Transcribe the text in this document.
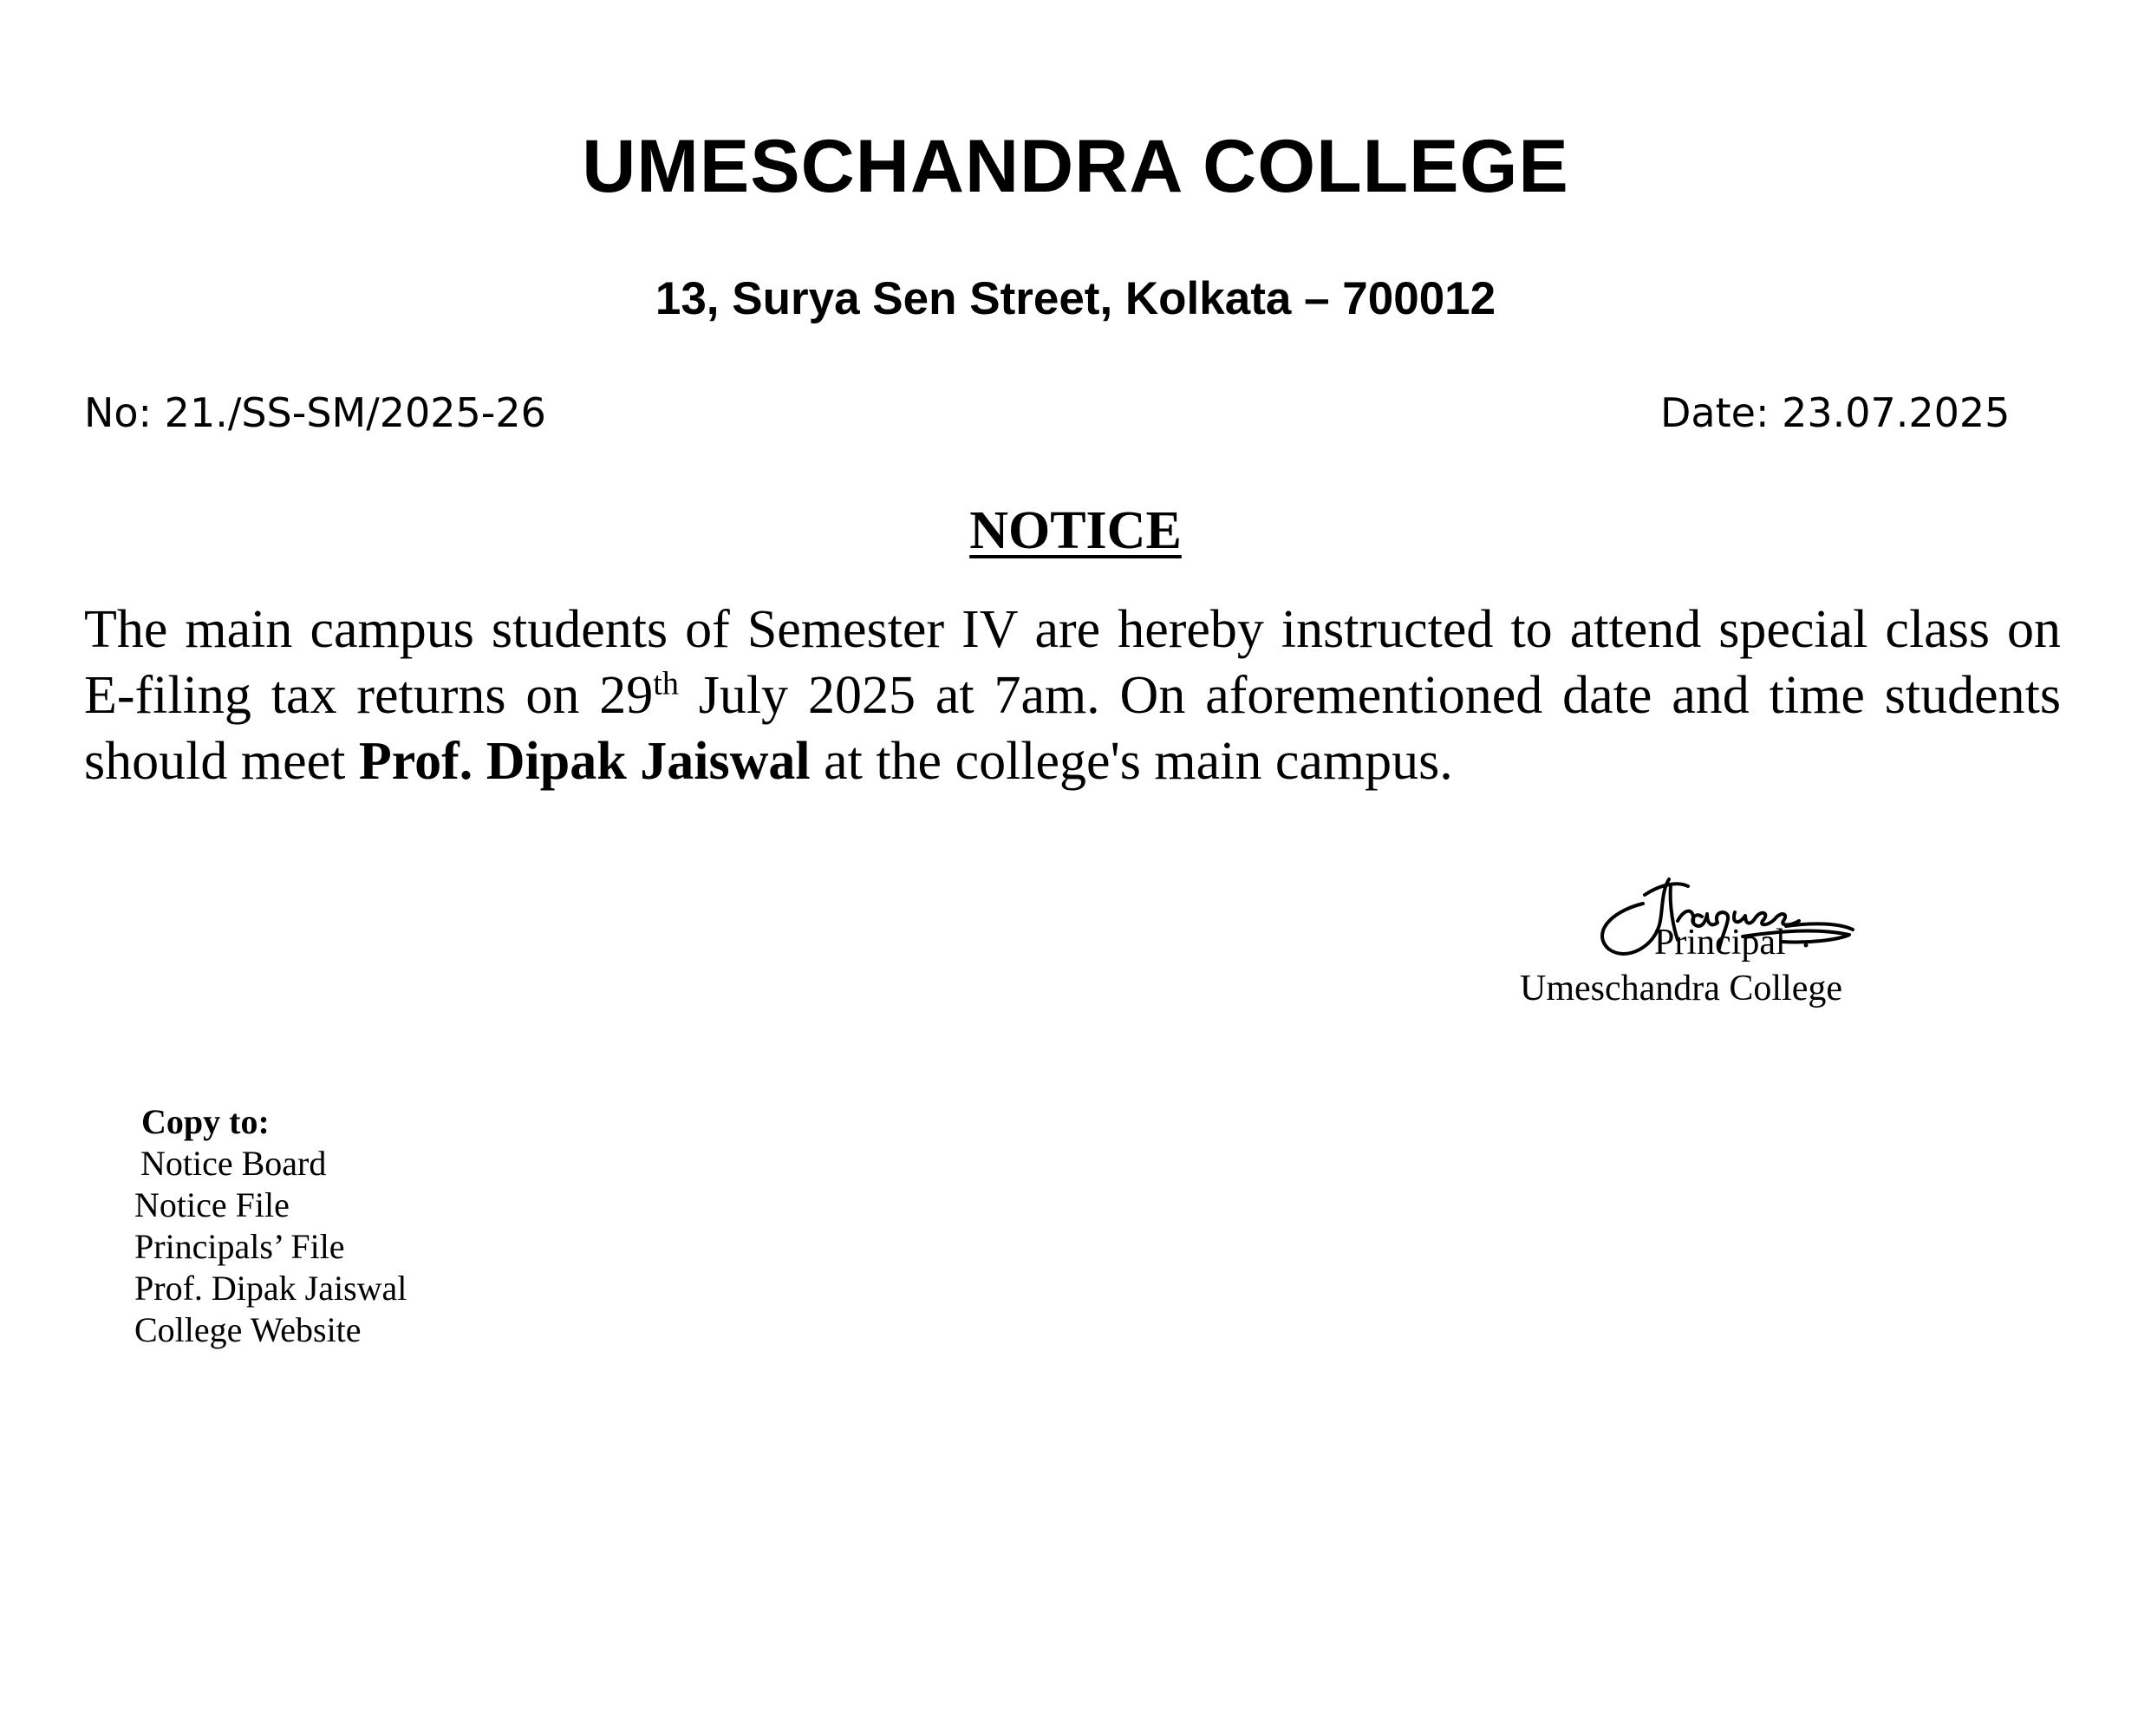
UMESCHANDRA COLLEGE
13, Surya Sen Street, Kolkata – 700012
No: 21./SS-SM/2025-26	Date: 23.07.2025
NOTICE

The main campus students of Semester IV are hereby instructed to attend special class on E-filing tax returns on 29th July 2025 at 7am. On aforementioned date and time students should meet Prof. Dipak Jaiswal at the college's main campus.

Principal ·
Umeschandra College
Copy to:
Notice Board
Notice File
Principals’ File
Prof. Dipak Jaiswal
College Website
